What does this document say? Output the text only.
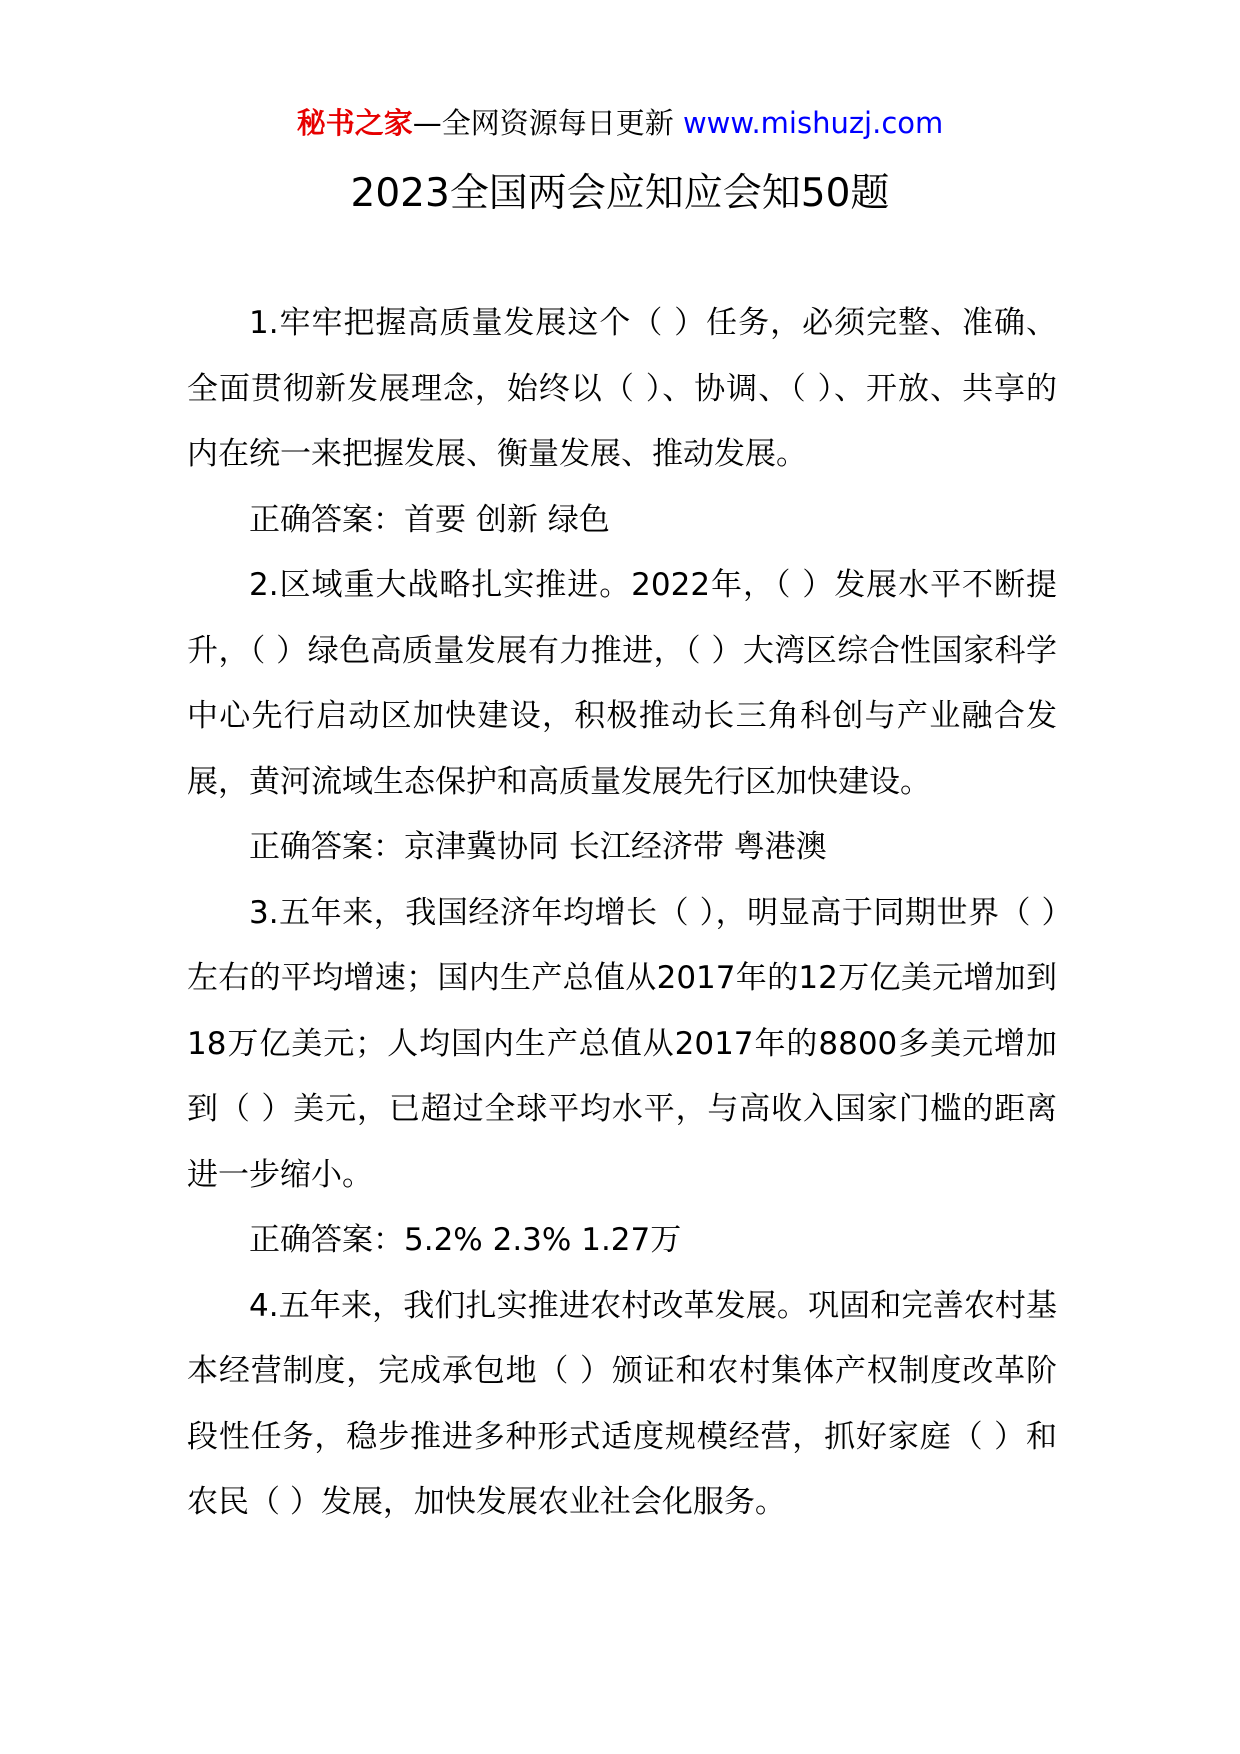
秘书之家—全网资源每日更新 www.mishuzj.com
2023全国两会应知应会知50题

1.牢牢把握高质量发展这个（ ）任务，必须完整、准确、全面贯彻新发展理念，始终以（ ）、协调、（ ）、开放、共享的内在统一来把握发展、衡量发展、推动发展。

正确答案：首要 创新 绿色

2.区域重大战略扎实推进。2022年，（ ）发展水平不断提升，（ ）绿色高质量发展有力推进，（ ）大湾区综合性国家科学中心先行启动区加快建设，积极推动长三角科创与产业融合发展，黄河流域生态保护和高质量发展先行区加快建设。

正确答案：京津冀协同 长江经济带 粤港澳

3.五年来，我国经济年均增长（ ），明显高于同期世界（ ）左右的平均增速；国内生产总值从2017年的12万亿美元增加到18万亿美元；人均国内生产总值从2017年的8800多美元增加到（ ）美元，已超过全球平均水平，与高收入国家门槛的距离进一步缩小。

正确答案：5.2% 2.3% 1.27万

4.五年来，我们扎实推进农村改革发展。巩固和完善农村基本经营制度，完成承包地（ ）颁证和农村集体产权制度改革阶段性任务，稳步推进多种形式适度规模经营，抓好家庭（ ）和农民（ ）发展，加快发展农业社会化服务。
